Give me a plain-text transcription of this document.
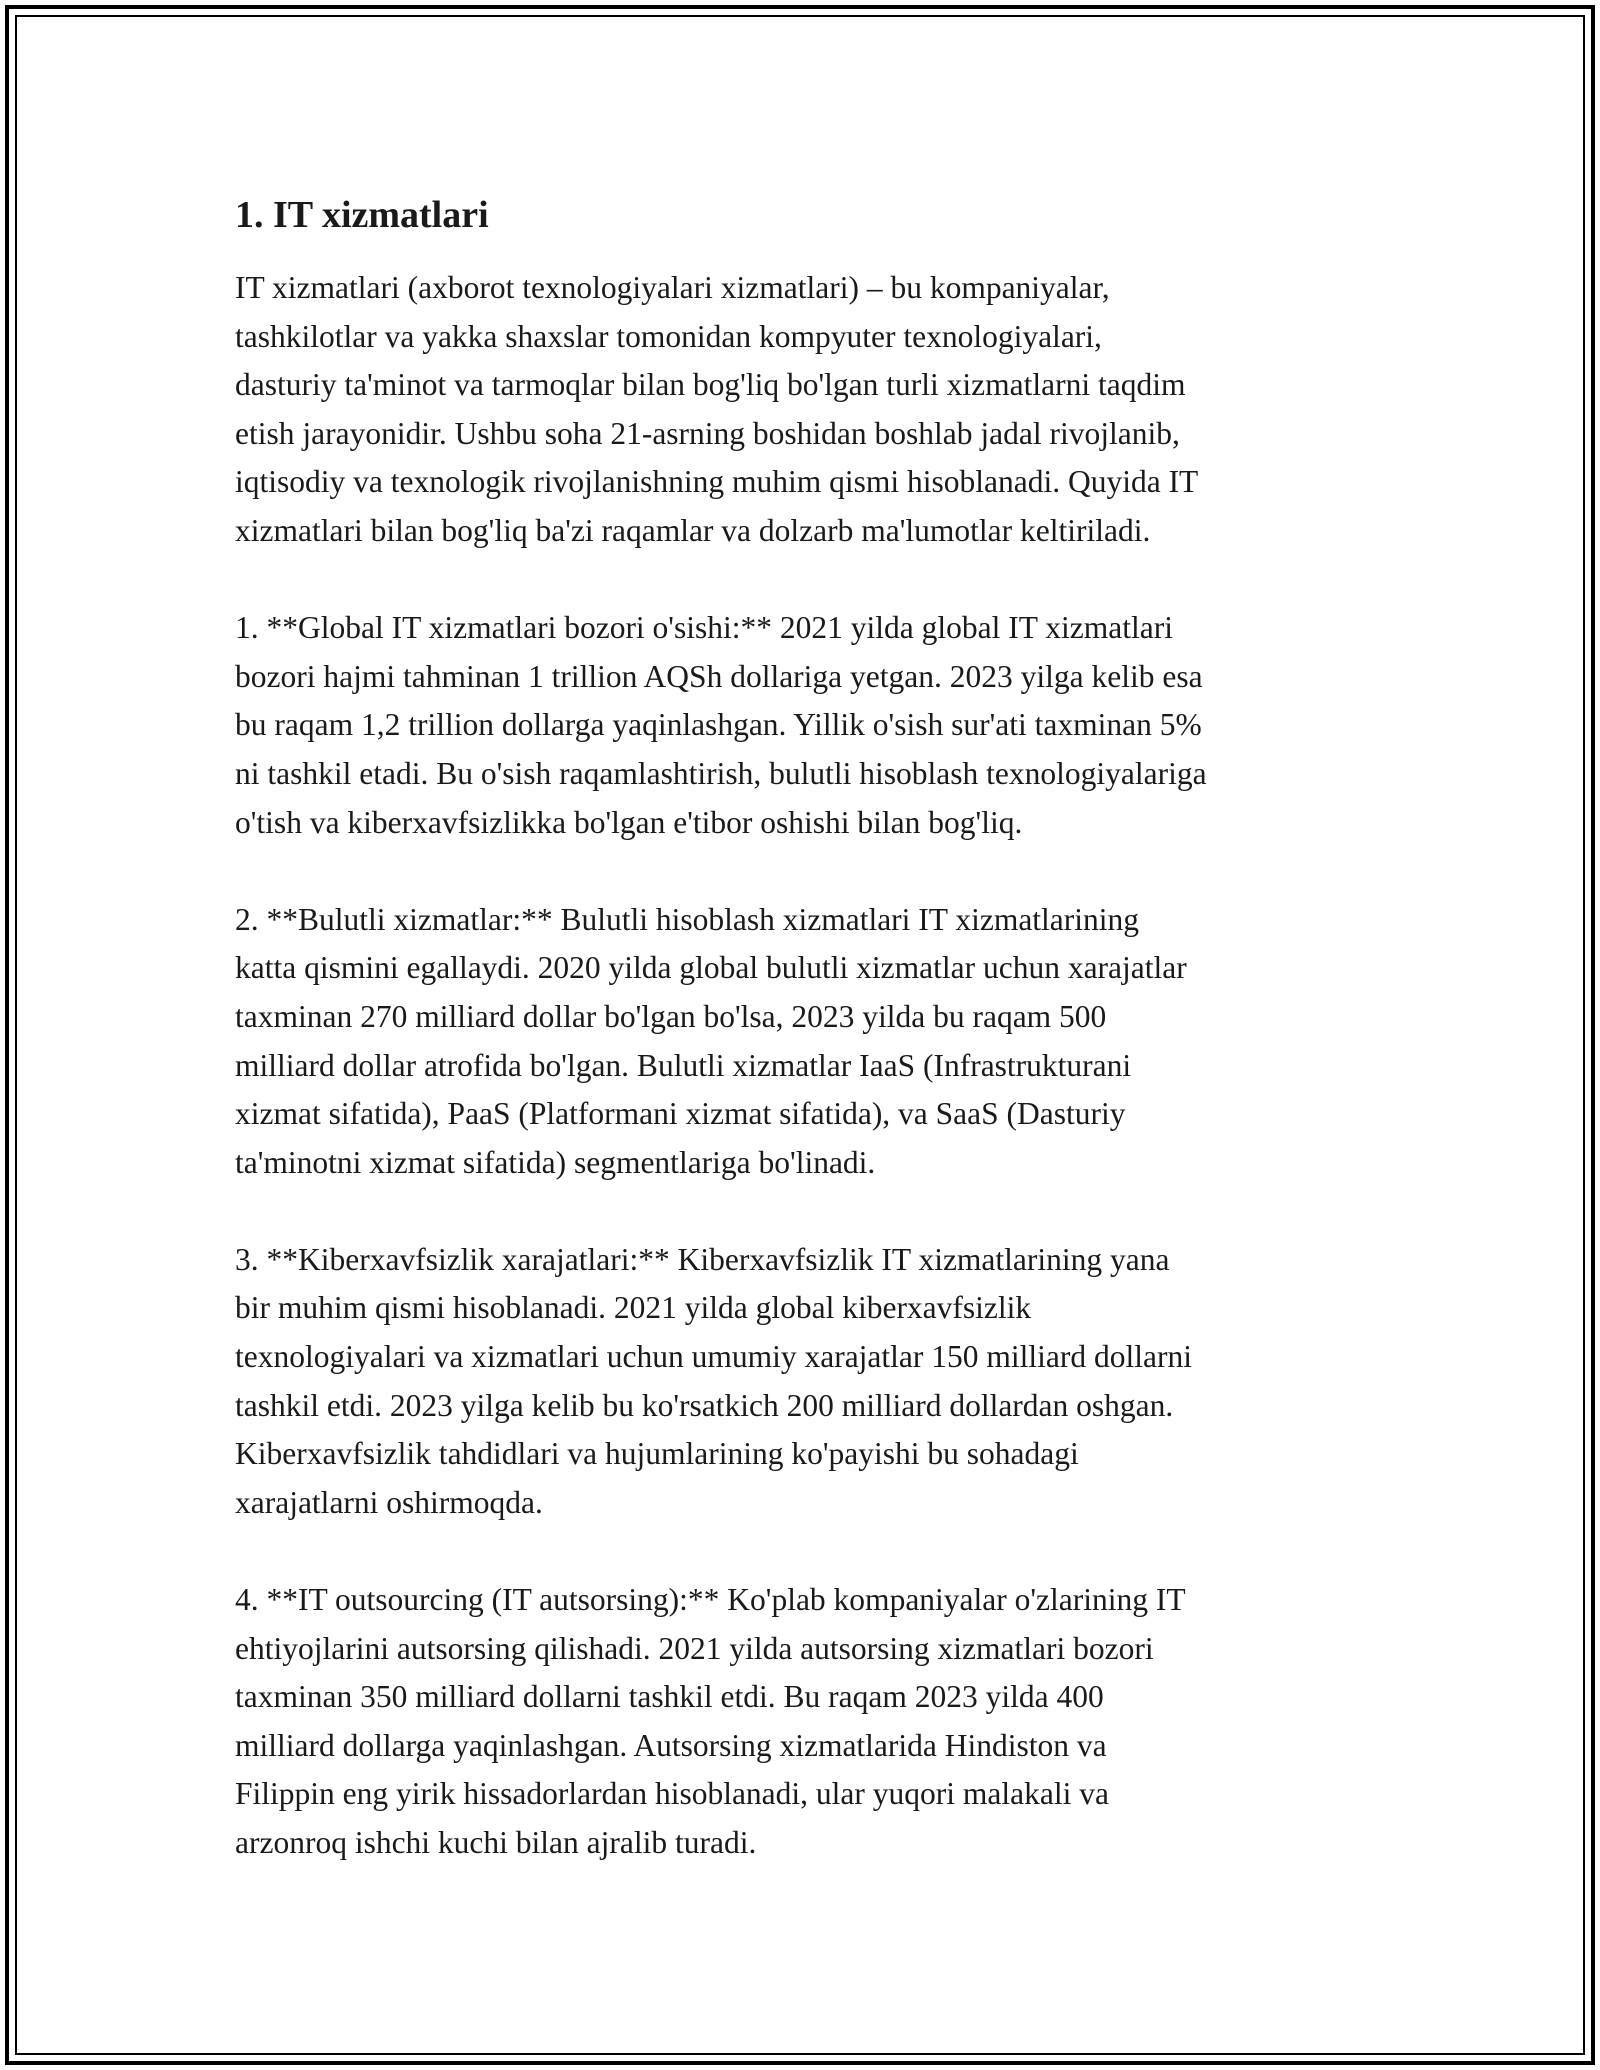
1. IT xizmatlari

IT xizmatlari (axborot texnologiyalari xizmatlari) – bu kompaniyalar,
tashkilotlar va yakka shaxslar tomonidan kompyuter texnologiyalari,
dasturiy ta'minot va tarmoqlar bilan bog'liq bo'lgan turli xizmatlarni taqdim
etish jarayonidir. Ushbu soha 21-asrning boshidan boshlab jadal rivojlanib,
iqtisodiy va texnologik rivojlanishning muhim qismi hisoblanadi. Quyida IT
xizmatlari bilan bog'liq ba'zi raqamlar va dolzarb ma'lumotlar keltiriladi.

1. **Global IT xizmatlari bozori o'sishi:** 2021 yilda global IT xizmatlari
bozori hajmi tahminan 1 trillion AQSh dollariga yetgan. 2023 yilga kelib esa
bu raqam 1,2 trillion dollarga yaqinlashgan. Yillik o'sish sur'ati taxminan 5%
ni tashkil etadi. Bu o'sish raqamlashtirish, bulutli hisoblash texnologiyalariga
o'tish va kiberxavfsizlikka bo'lgan e'tibor oshishi bilan bog'liq.

2. **Bulutli xizmatlar:** Bulutli hisoblash xizmatlari IT xizmatlarining
katta qismini egallaydi. 2020 yilda global bulutli xizmatlar uchun xarajatlar
taxminan 270 milliard dollar bo'lgan bo'lsa, 2023 yilda bu raqam 500
milliard dollar atrofida bo'lgan. Bulutli xizmatlar IaaS (Infrastrukturani
xizmat sifatida), PaaS (Platformani xizmat sifatida), va SaaS (Dasturiy
ta'minotni xizmat sifatida) segmentlariga bo'linadi.

3. **Kiberxavfsizlik xarajatlari:** Kiberxavfsizlik IT xizmatlarining yana
bir muhim qismi hisoblanadi. 2021 yilda global kiberxavfsizlik
texnologiyalari va xizmatlari uchun umumiy xarajatlar 150 milliard dollarni
tashkil etdi. 2023 yilga kelib bu ko'rsatkich 200 milliard dollardan oshgan.
Kiberxavfsizlik tahdidlari va hujumlarining ko'payishi bu sohadagi
xarajatlarni oshirmoqda.

4. **IT outsourcing (IT autsorsing):** Ko'plab kompaniyalar o'zlarining IT
ehtiyojlarini autsorsing qilishadi. 2021 yilda autsorsing xizmatlari bozori
taxminan 350 milliard dollarni tashkil etdi. Bu raqam 2023 yilda 400
milliard dollarga yaqinlashgan. Autsorsing xizmatlarida Hindiston va
Filippin eng yirik hissadorlardan hisoblanadi, ular yuqori malakali va
arzonroq ishchi kuchi bilan ajralib turadi.
